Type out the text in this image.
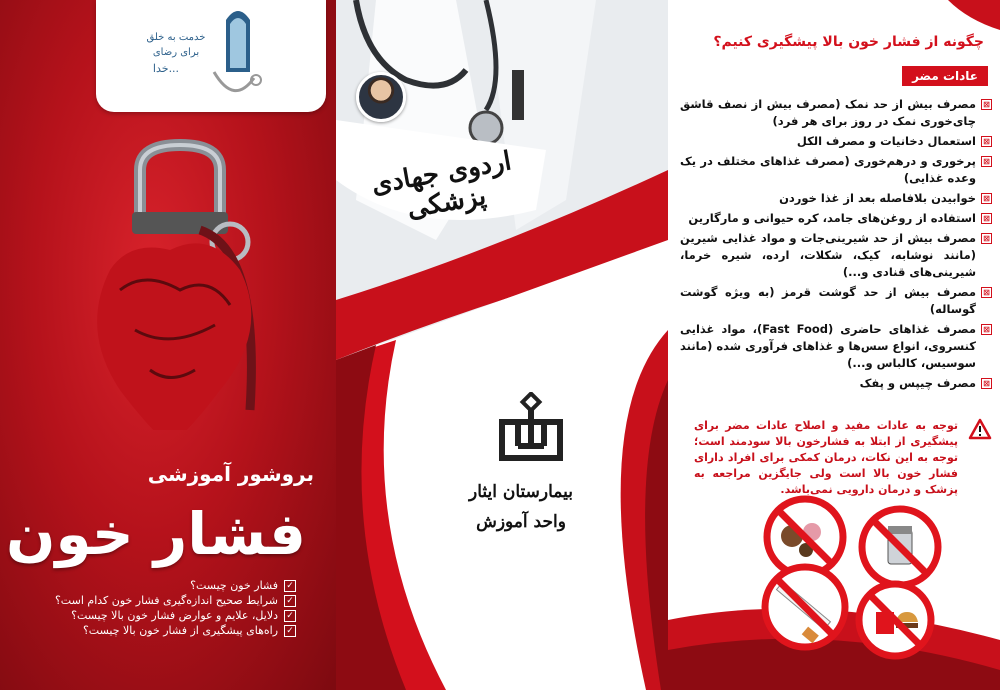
خدمت به خلق
برای رضای
خدا...
بروشور آموزشی
فشار خون
✓فشار خون چیست؟
✓شرایط صحیح اندازه‌گیری فشار خون کدام است؟
✓دلایل، علایم و عوارض فشار خون بالا چیست؟
✓راه‌های پیشگیری از فشار خون بالا چیست؟
اردوی جهادی پزشکی
بیمارستان ایثار
واحد آموزش
چگونه از فشار خون بالا پیشگیری کنیم؟
عادات مضر
⊠
مصرف بیش از حد نمک (مصرف بیش از نصف قاشق چای‌خوری نمک در روز برای هر فرد)
⊠
استعمال دخانیات و مصرف الکل
⊠
پرخوری و درهم‌خوری (مصرف غذاهای مختلف در یک وعده غذایی)
⊠
خوابیدن بلافاصله بعد از غذا خوردن
⊠
استفاده از روغن‌های جامد، کره حیوانی و مارگارین
⊠
مصرف بیش از حد شیرینی‌جات و مواد غذایی شیرین (مانند نوشابه، کیک، شکلات، ارده، شیره خرما، شیرینی‌های قنادی و...)
⊠
مصرف بیش از حد گوشت قرمز (به ویژه گوشت گوساله)
⊠
مصرف غذاهای حاضری (Fast Food)، مواد غذایی کنسروی، انواع سس‌ها و غذاهای فرآوری شده (مانند سوسیس، کالباس و...)
⊠
مصرف چیپس و پفک
توجه به عادات مفید و اصلاح عادات مضر برای پیشگیری از ابتلا به فشارخون بالا سودمند است؛ توجه به این نکات، درمان کمکی برای افراد دارای فشار خون بالا است ولی جایگزین مراجعه به پزشک و درمان دارویی نمی‌باشد.
